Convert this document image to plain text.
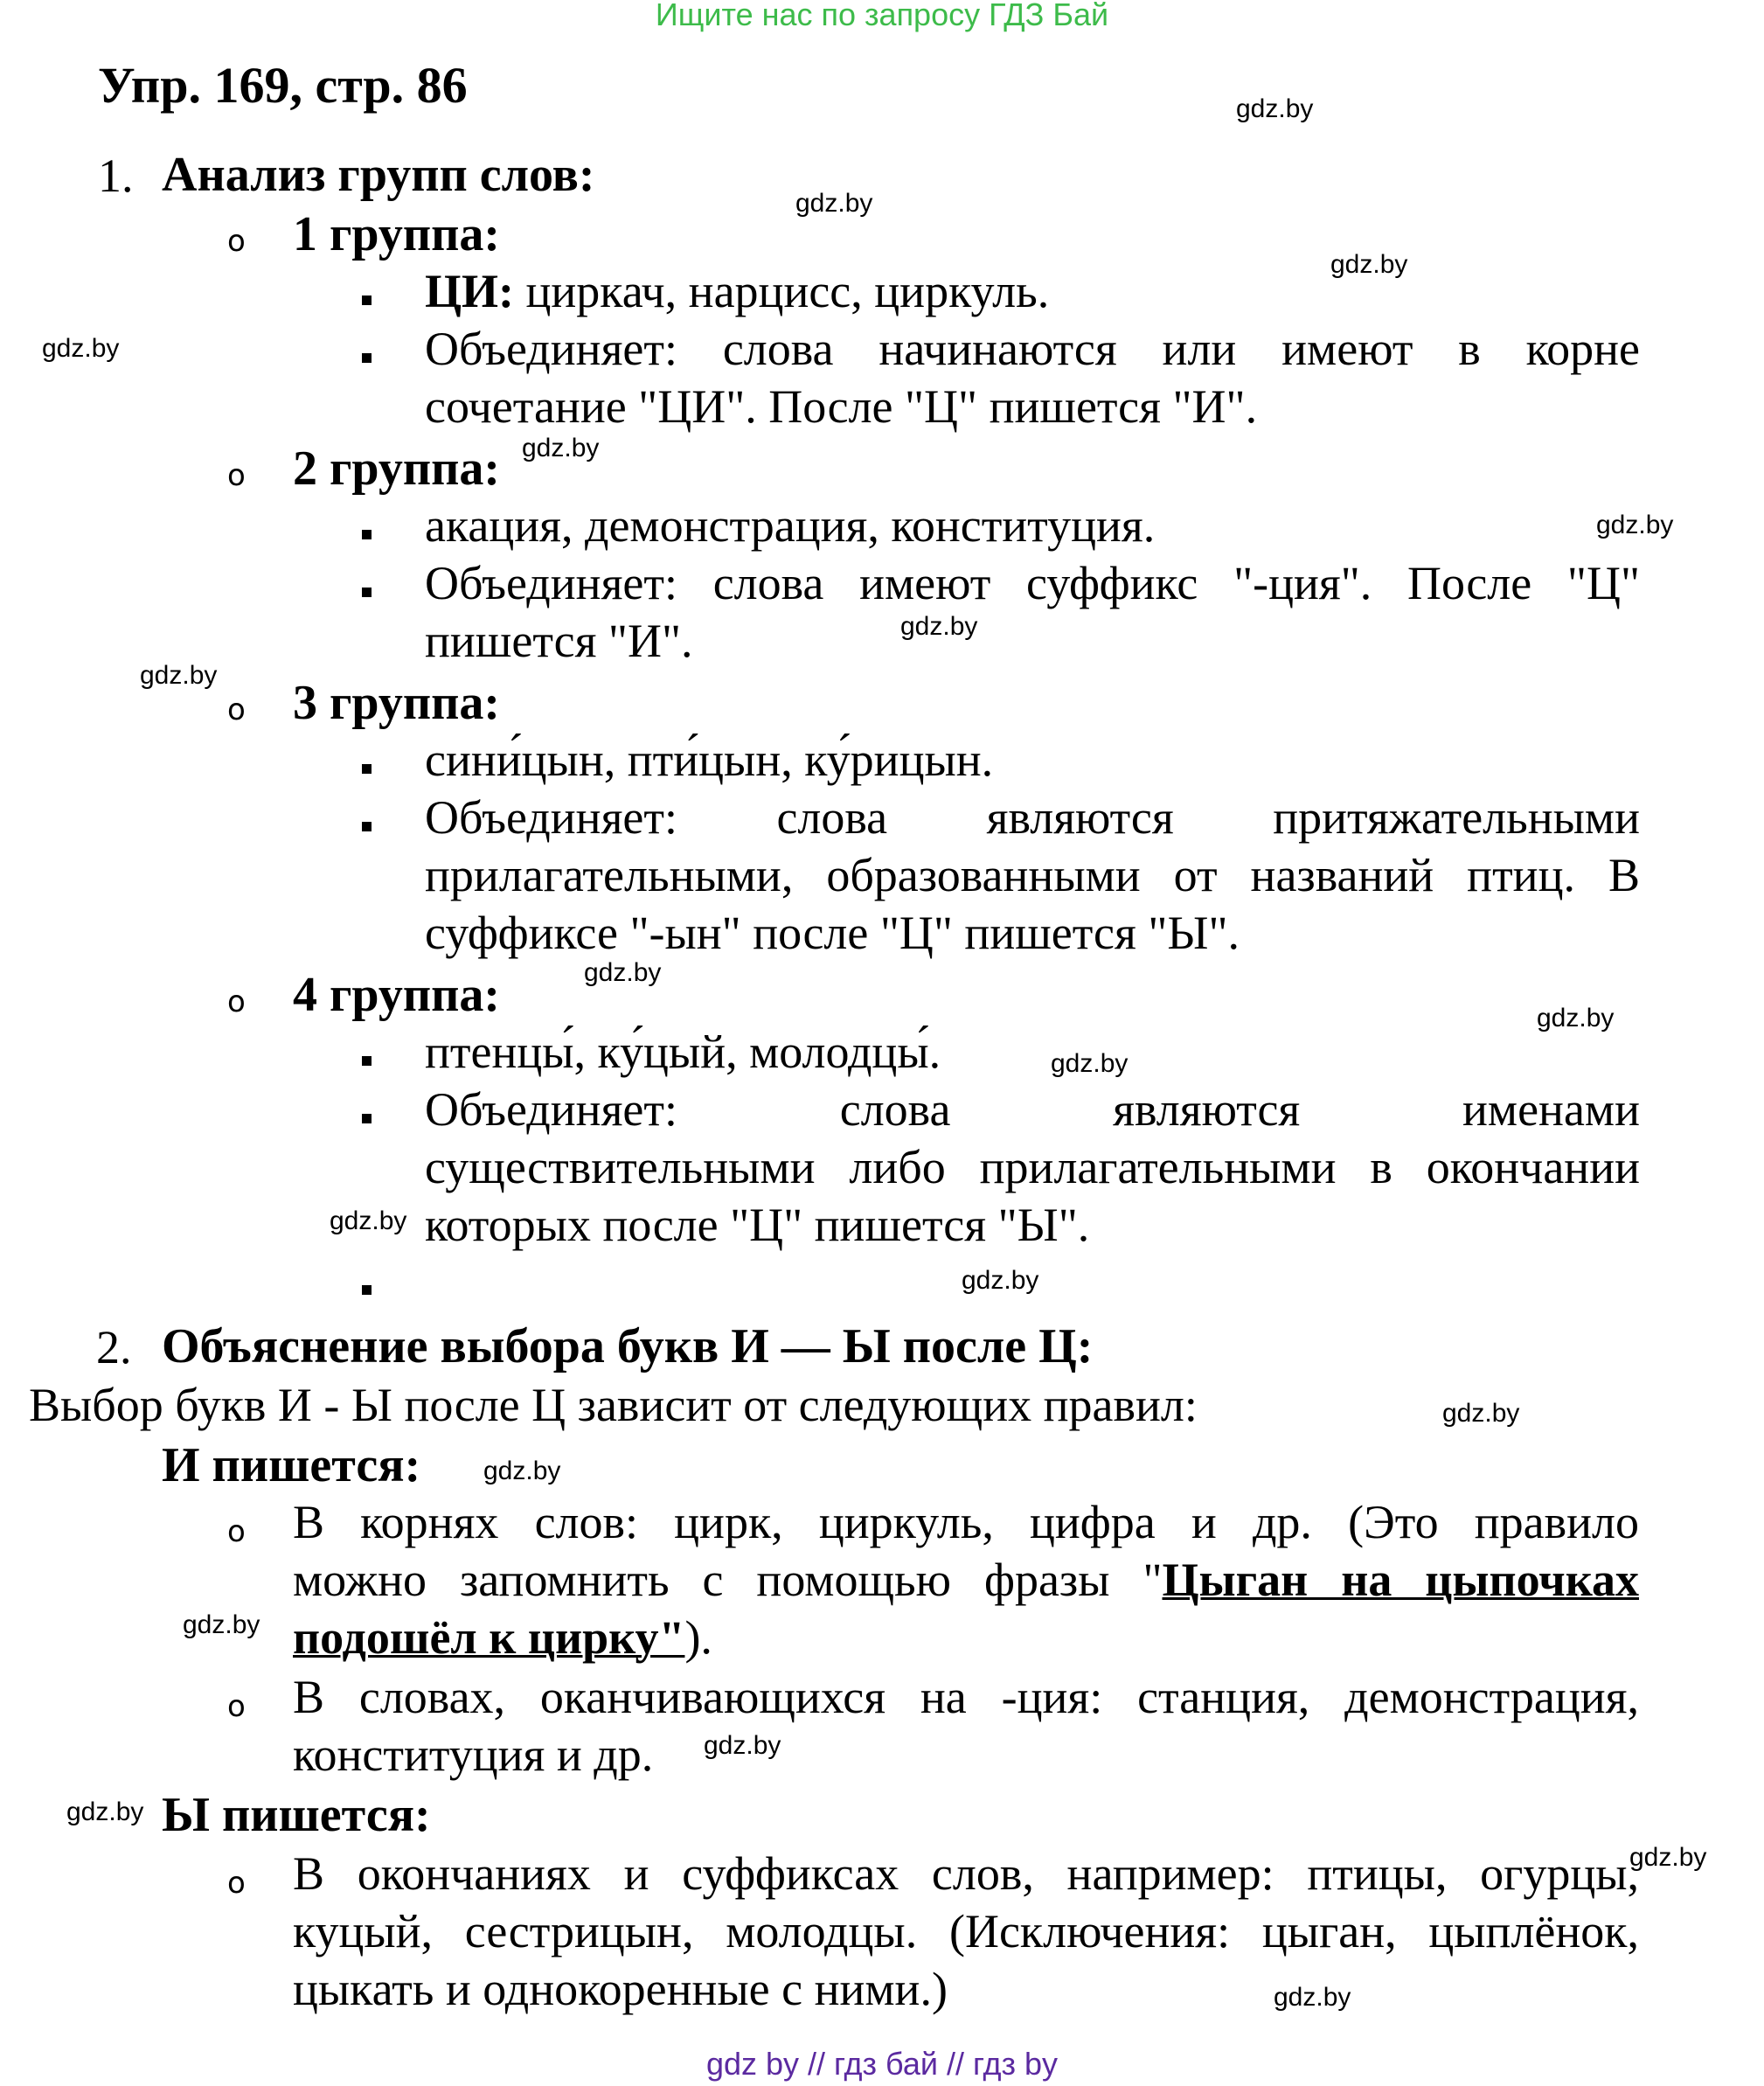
Ищите нас по запросу ГДЗ Бай
Упр. 169, стр. 86
1. Анализ групп слов:
o 1 группа:
ЦИ: циркач, нарцисс, циркуль.
Объединяет: слова начинаются или имеют в корне
сочетание "ЦИ". После "Ц" пишется "И".
o 2 группа:
акация, демонстрация, конституция.
Объединяет: слова имеют суффикс "-ция". После "Ц"
пишется "И".
o 3 группа:
сини́цын, пти́цын, ку́рицын.
Объединяет: слова являются притяжательными
прилагательными, образованными от названий птиц. В
суффиксе "-ын" после "Ц" пишется "Ы".
o 4 группа:
птенцы́, ку́цый, молодцы́.
Объединяет: слова являются именами
существительными либо прилагательными в окончании
которых после "Ц" пишется "Ы".
2. Объяснение выбора букв И — Ы после Ц:
Выбор букв И - Ы после Ц зависит от следующих правил:
И пишется:
o В корнях слов: цирк, циркуль, цифра и др. (Это правило
можно запомнить с помощью фразы "Цыган на цыпочках
подошёл к цирку").
o В словах, оканчивающихся на -ция: станция, демонстрация,
конституция и др.
Ы пишется:
o В окончаниях и суффиксах слов, например: птицы, огурцы,
куцый, сестрицын, молодцы. (Исключения: цыган, цыплёнок,
цыкать и однокоренные с ними.)
gdz.by
gdz.by
gdz.by
gdz.by
gdz.by
gdz.by
gdz.by
gdz.by
gdz.by
gdz.by
gdz.by
gdz.by
gdz.by
gdz.by
gdz.by
gdz.by
gdz.by
gdz.by
gdz.by
gdz.by
gdz by // гдз бай // гдз by
